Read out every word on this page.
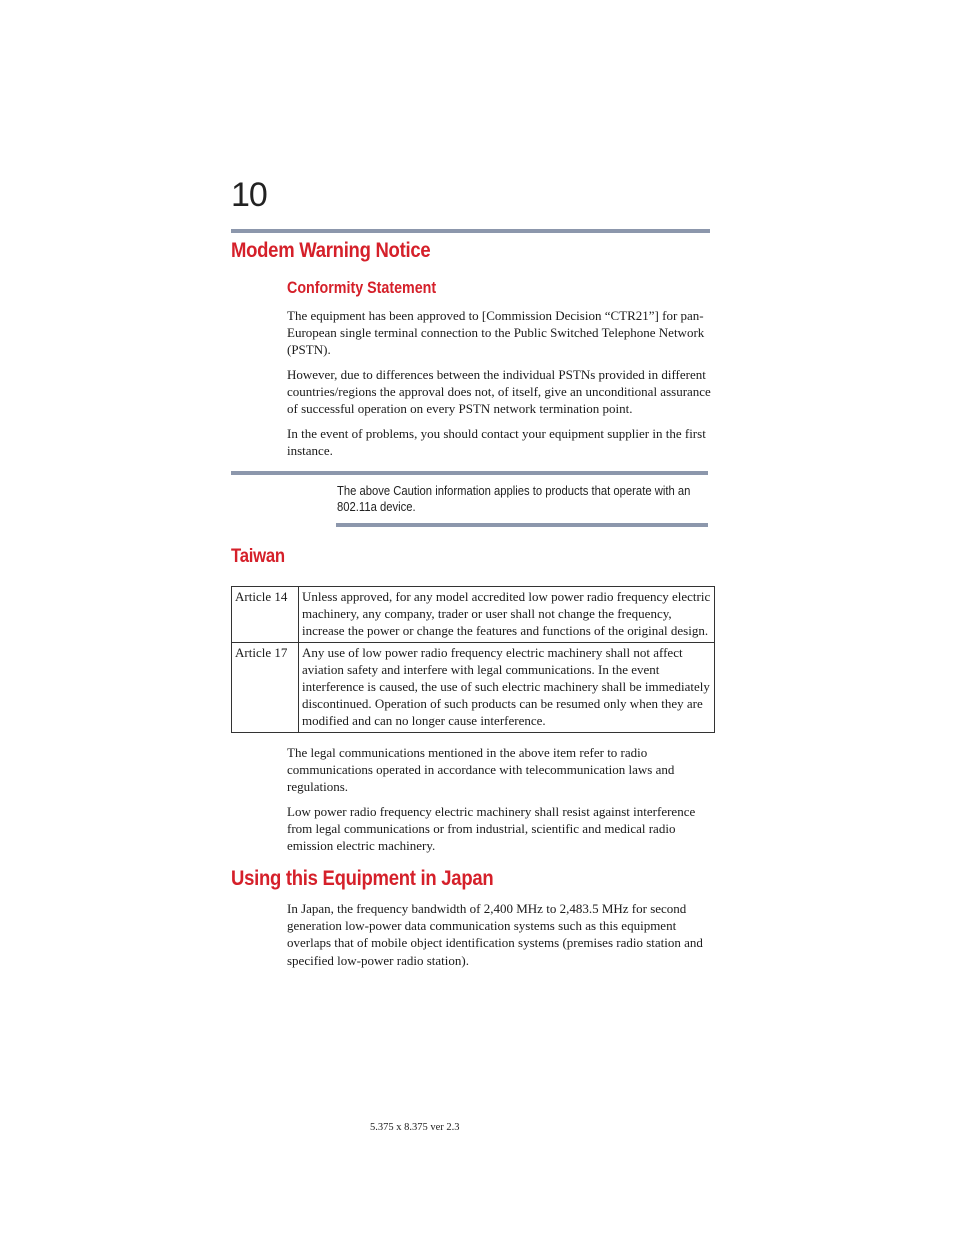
10
Modem Warning Notice
Conformity Statement
The equipment has been approved to [Commission Decision “CTR21”] for pan-European single terminal connection to the Public Switched Telephone Network (PSTN).
However, due to differences between the individual PSTNs provided in different countries/regions the approval does not, of itself, give an unconditional assurance of successful operation on every PSTN network termination point.
In the event of problems, you should contact your equipment supplier in the first instance.
The above Caution information applies to products that operate with an 802.11a device.
Taiwan
Article 14	Unless approved, for any model accredited low power radio frequency electric machinery, any company, trader or user shall not change the frequency, increase the power or change the features and functions of the original design.
Article 17	Any use of low power radio frequency electric machinery shall not affect aviation safety and interfere with legal communications. In the event interference is caused, the use of such electric machinery shall be immediately discontinued. Operation of such products can be resumed only when they are modified and can no longer cause interference.
The legal communications mentioned in the above item refer to radio communications operated in accordance with telecommunication laws and regulations.
Low power radio frequency electric machinery shall resist against interference from legal communications or from industrial, scientific and medical radio emission electric machinery.
Using this Equipment in Japan
In Japan, the frequency bandwidth of 2,400 MHz to 2,483.5 MHz for second generation low-power data communication systems such as this equipment overlaps that of mobile object identification systems (premises radio station and specified low-power radio station).
5.375 x 8.375 ver 2.3
